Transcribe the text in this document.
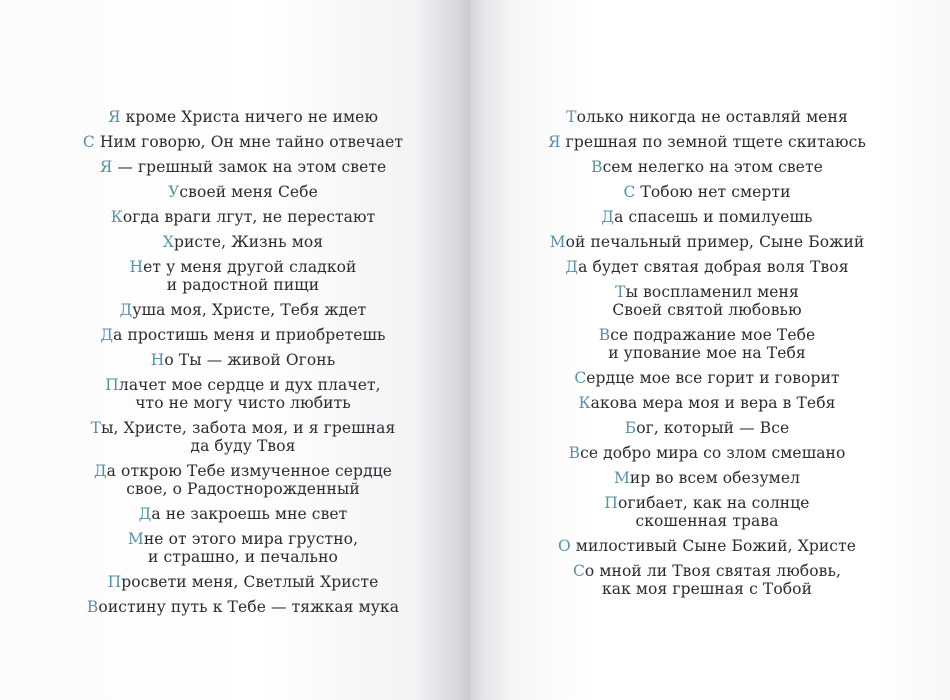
Я кроме Христа ничего не имею
С Ним говорю, Он мне тайно отвечает
Я — грешный замок на этом свете
Усвоей меня Себе
Когда враги лгут, не перестают
Христе, Жизнь моя
Нет у меня другой сладкой
и радостной пищи
Душа моя, Христе, Тебя ждет
Да простишь меня и приобретешь
Но Ты — живой Огонь
Плачет мое сердце и дух плачет,
что не могу чисто любить
Ты, Христе, забота моя, и я грешная
да буду Твоя
Да открою Тебе измученное сердце
свое, о Радостнорожденный
Да не закроешь мне свет
Мне от этого мира грустно,
и страшно, и печально
Просвети меня, Светлый Христе
Воистину путь к Тебе — тяжкая мука
Только никогда не оставляй меня
Я грешная по земной тщете скитаюсь
Всем нелегко на этом свете
С Тобою нет смерти
Да спасешь и помилуешь
Мой печальный пример, Сыне Божий
Да будет святая добрая воля Твоя
Ты воспламенил меня
Своей святой любовью
Все подражание мое Тебе
и упование мое на Тебя
Сердце мое все горит и говорит
Какова мера моя и вера в Тебя
Бог, который — Все
Все добро мира со злом смешано
Мир во всем обезумел
Погибает, как на солнце
скошенная трава
О милостивый Сыне Божий, Христе
Со мной ли Твоя святая любовь,
как моя грешная с Тобой
